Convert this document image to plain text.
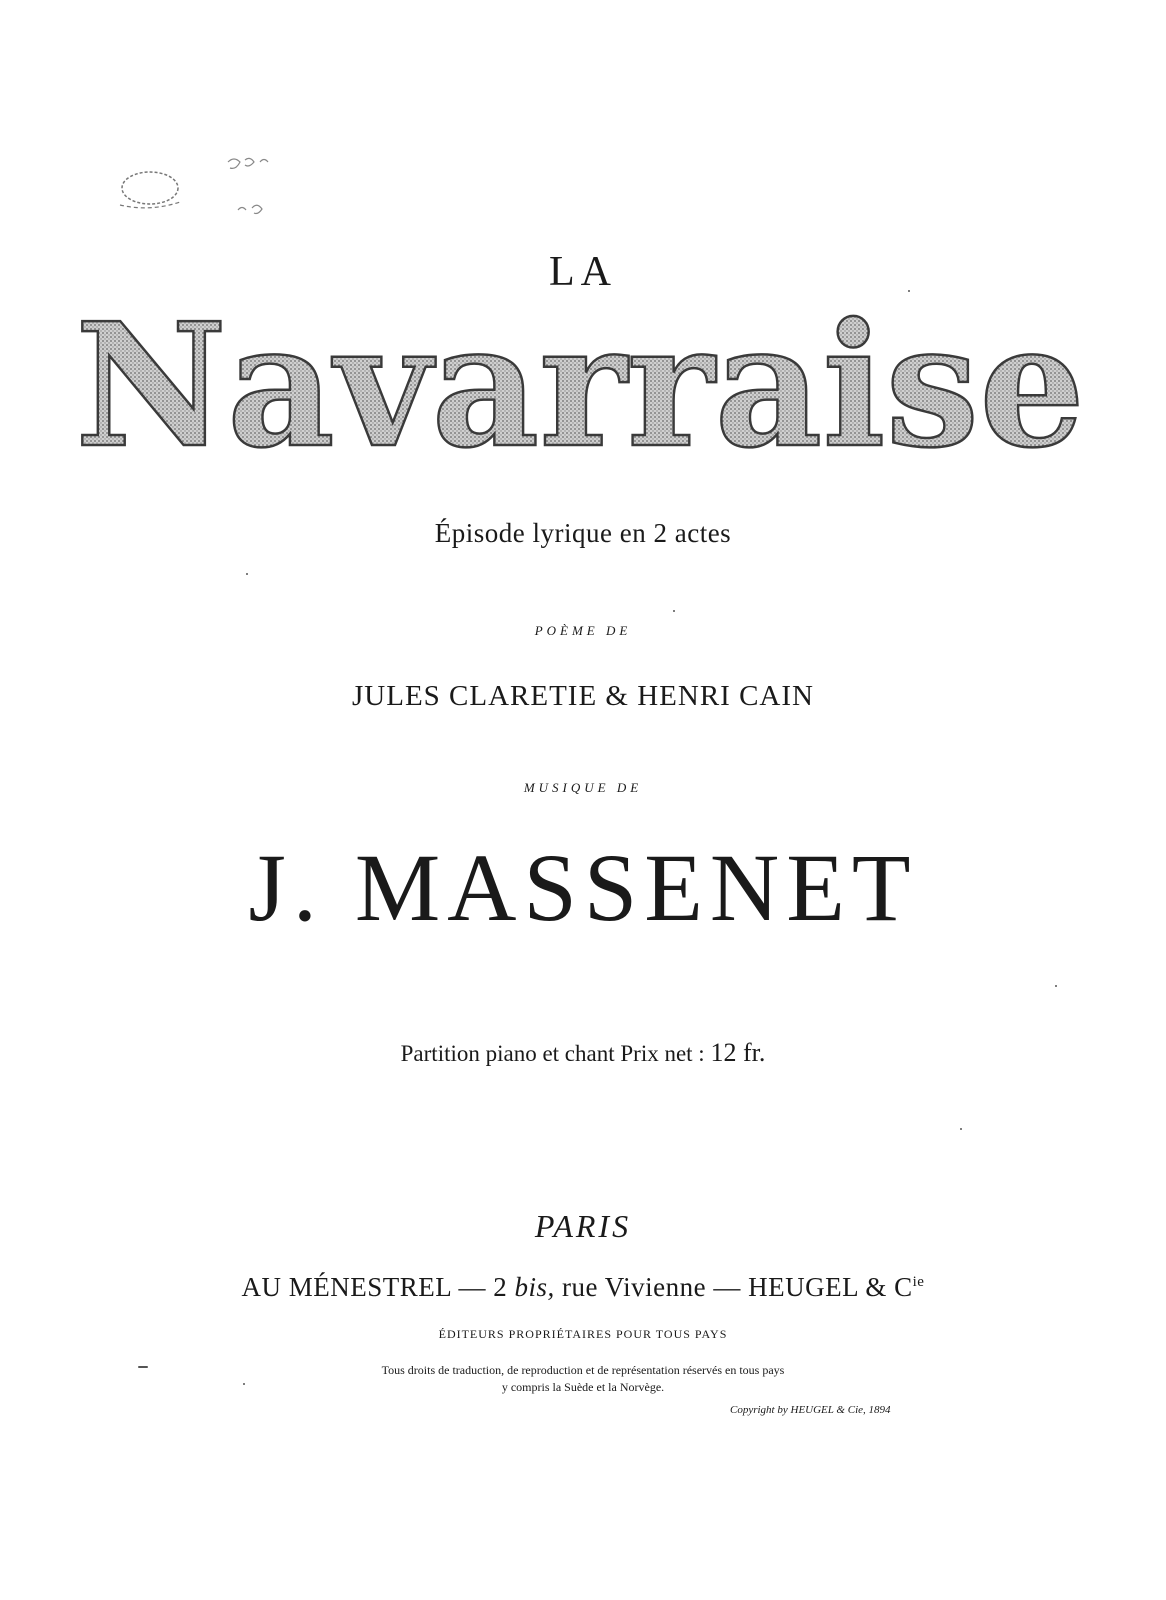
LA
Navarraise
Épisode lyrique en 2 actes
POÈME DE
JULES CLARETIE & HENRI CAIN
MUSIQUE DE
J. MASSENET
Partition piano et chant Prix net : 12 fr.
PARIS
AU MÉNESTREL — 2 bis, rue Vivienne — HEUGEL & $C^{ie}$
ÉDITEURS PROPRIÉTAIRES POUR TOUS PAYS
Tous droits de traduction, de reproduction et de représentation réservés en tous pays
y compris la Suède et la Norvège.
Copyright by HEUGEL & Cie, 1894
